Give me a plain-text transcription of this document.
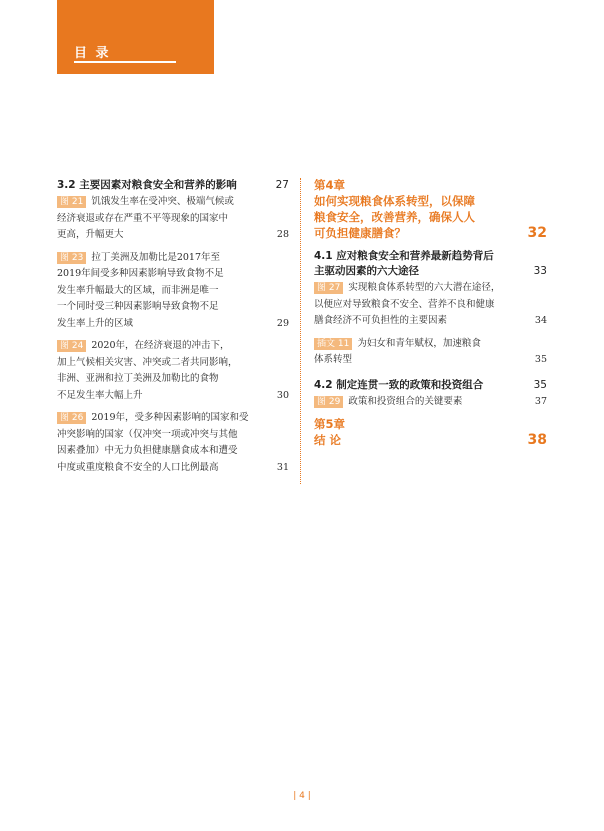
目 录
3.2 主要因素对粮食安全和营养的影响	27
图 21 饥饿发生率在受冲突、极端气候或
经济衰退或存在严重不平等现象的国家中
更高，升幅更大	28
图 23 拉丁美洲及加勒比是2017年至
2019年间受多种因素影响导致食物不足
发生率升幅最大的区域，而非洲是唯一
一个同时受三种因素影响导致食物不足
发生率上升的区域	29
图 24 2020年，在经济衰退的冲击下，
加上气候相关灾害、冲突或二者共同影响，
非洲、亚洲和拉丁美洲及加勒比的食物
不足发生率大幅上升	30
图 26 2019年，受多种因素影响的国家和受
冲突影响的国家（仅冲突一项或冲突与其他
因素叠加）中无力负担健康膳食成本和遭受
中度或重度粮食不安全的人口比例最高	31
第4章
如何实现粮食体系转型，以保障
粮食安全，改善营养，确保人人
可负担健康膳食？	32
4.1 应对粮食安全和营养最新趋势背后
主驱动因素的六大途径	33
图 27 实现粮食体系转型的六大潜在途径，
以便应对导致粮食不安全、营养不良和健康
膳食经济不可负担性的主要因素	34
插文 11 为妇女和青年赋权，加速粮食
体系转型	35
4.2 制定连贯一致的政策和投资组合	35
图 29 政策和投资组合的关键要素	37
第5章
结 论	38
| 4 |
